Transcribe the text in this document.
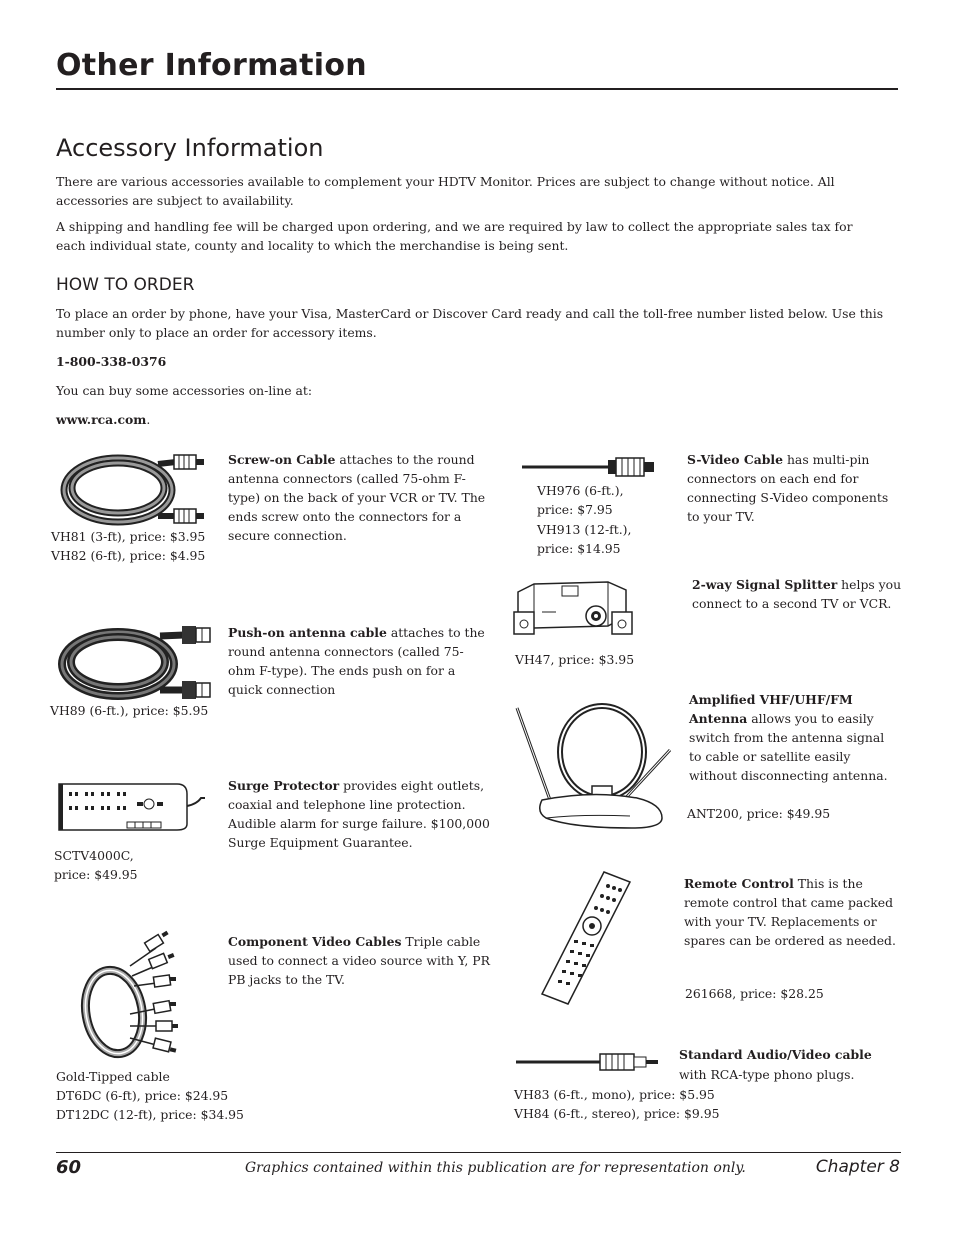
Other Information
Accessory Information
There are various accessories available to complement your HDTV Monitor. Prices are subject to change without notice. All accessories are subject to availability.
A shipping and handling fee will be charged upon ordering, and we are required by law to collect the appropriate sales tax for each individual state, county and locality to which the merchandise is being sent.
HOW TO ORDER
To place an order by phone, have your Visa, MasterCard or Discover Card ready and call the toll-free number listed below. Use this number only to place an order for accessory items.
1-800-338-0376
You can buy some accessories on-line at:
www.rca.com.
Screw-on Cable attaches to the round antenna connectors (called 75-ohm F-type) on the back of your VCR or TV. The ends screw onto the connectors for a secure connection.
VH81 (3-ft), price: $3.95
VH82 (6-ft), price: $4.95
Push-on antenna cable attaches to the round antenna connectors (called 75-ohm F-type). The ends push on for a quick connection
VH89 (6-ft.), price: $5.95
Surge Protector provides eight outlets, coaxial and telephone line protection. Audible alarm for surge failure. $100,000 Surge Equipment Guarantee.
SCTV4000C,
price: $49.95
Component Video Cables Triple cable used to connect a video source with Y, PR PB jacks to the TV.
Gold-Tipped cable
DT6DC (6-ft), price: $24.95
DT12DC (12-ft), price: $34.95
S-Video Cable has multi-pin connectors on each end for connecting S-Video components to your TV.
VH976 (6-ft.),
price: $7.95
VH913 (12-ft.),
price: $14.95
2-way Signal Splitter helps you connect to a second TV or VCR.
VH47, price: $3.95
Amplified VHF/UHF/FM
Antenna allows you to easily switch from the antenna signal to cable or satellite easily without disconnecting antenna.
ANT200, price: $49.95
Remote Control This is the remote control that came packed with your TV. Replacements or spares can be ordered as needed.
261668, price: $28.25
Standard Audio/Video cable
with RCA-type phono plugs.
VH83 (6-ft., mono), price: $5.95
VH84 (6-ft., stereo), price: $9.95
60	Graphics contained within this publication are for representation only.	Chapter 8
